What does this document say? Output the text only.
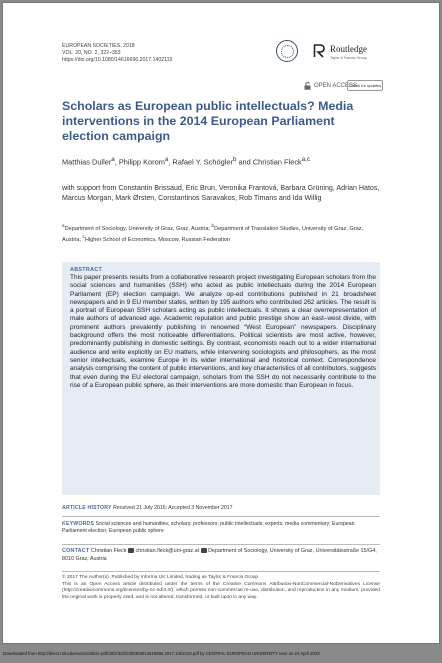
EUROPEAN SOCIETIES, 2018
VOL. 20, NO. 2, 322–353
https://doi.org/10.1080/14616696.2017.1402119
Routledge
Taylor & Francis Group
OPEN ACCESS
Check for updates
Scholars as European public intellectuals? Media interventions in the 2014 European Parliament election campaign
Matthias Duller$^a$, Philipp Korom$^a$, Rafael Y. Schögler$^b$ and Christian Fleck$^{a,c}$
with support from Constantin Brissaud, Eric Brun, Veronika Frantová, Barbara Grüning, Adrian Hatos, Marcus Morgan, Mark Ørsten, Constantinos Saravakos, Rob Timans and Ida Willig
$^a$Department of Sociology, University of Graz, Graz, Austria; $^b$Department of Translation Studies, University of Graz, Graz, Austria; $^c$Higher School of Economics, Moscow, Russian Federation
ABSTRACT

This paper presents results from a collaborative research project investigating European scholars from the social sciences and humanities (SSH) who acted as public intellectuals during the 2014 European Parliament (EP) election campaign. We analyze op-ed contributions published in 21 broadsheet newspapers and in 9 EU member states, written by 195 authors who contributed 262 articles. The result is a portrait of European SSH scholars acting as public intellectuals. It shows a clear overrepresentation of male authors of advanced age. Academic reputation and public prestige show an east–west divide, with prominent authors prevalently publishing in renowned “West European” newspapers. Disciplinary background offers the most noticeable differentiations. Political scientists are most active, however, predominantly publishing in domestic settings. By contrast, economists reach out to a wider international audience and write explicitly on EU matters, while intervening sociologists and philosophers, as the most senior intellectuals, examine Europe in its wider international and historical context. Correspondence analysis comprising the content of public interventions, and key characteristics of all contributors, suggests that even during the EU electoral campaign, scholars from the SSH do not necessarily contribute to the rise of a European public sphere, as their interventions are more domestic than European in focus.

ARTICLE HISTORY Received 21 July 2016; Accepted 3 November 2017
KEYWORDS Social sciences and humanities; scholars; professors; public intellectuals; experts; media commentary; European Parliament election; European public sphere
CONTACT Christian Fleck christian.fleck@uni-graz.at Department of Sociology, University of Graz, Universitätsstraße 15/G4, 8010 Graz, Austria
© 2017 The Author(s). Published by Informa UK Limited, trading as Taylor & Francis Group
This is an Open Access article distributed under the terms of the Creative Commons Attribution-NonCommercial-NoDerivatives License (http://creativecommons.org/licenses/by-nc-nd/4.0/), which permits non-commercial re-use, distribution, and reproduction in any medium, provided the original work is properly cited, and is not altered, transformed, or built upon in any way.
Downloaded from http://direct.mit.edu/eusoc/article-pdf/20/2/322/2492508/14616696.2017.1402119.pdf by CENTRAL EUROPEAN UNIVERSITY user on 24 April 2023
